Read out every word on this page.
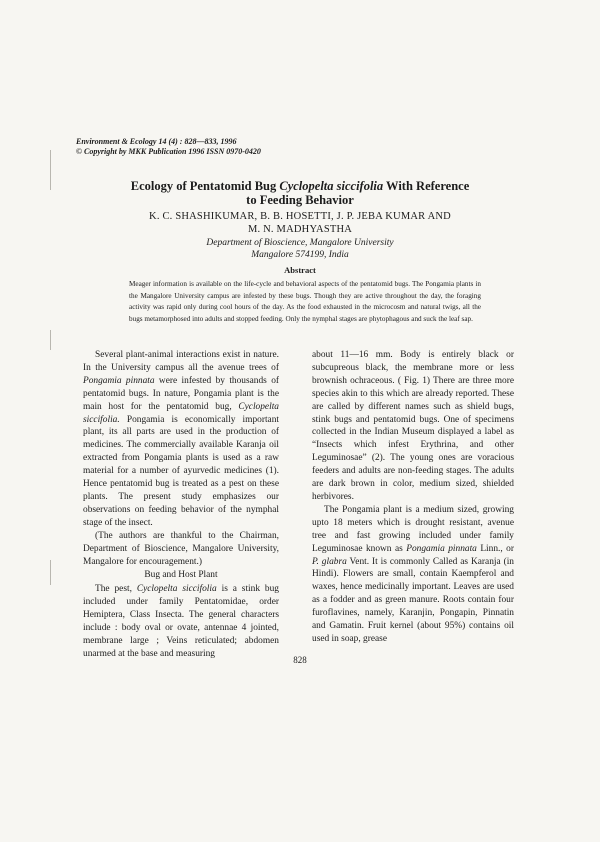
Environment & Ecology 14 (4) : 828—833, 1996
© Copyright by MKK Publication 1996 ISSN 0970-0420
Ecology of Pentatomid Bug Cyclopelta siccifolia With Reference
to Feeding Behavior
K. C. SHASHIKUMAR, B. B. HOSETTI, J. P. JEBA KUMAR AND
M. N. MADHYASTHA
Department of Bioscience, Mangalore University
Mangalore 574199, India
Abstract
Meager information is available on the life-cycle and behavioral aspects of the pentatomid bugs. The Pongamia plants in the Mangalore University campus are infested by these bugs. Though they are active throughout the day, the foraging activity was rapid only during cool hours of the day. As the food exhausted in the microcosm and natural twigs, all the bugs metamorphosed into adults and stopped feeding. Only the nymphal stages are phytophagous and suck the leaf sap.

Several plant-animal interactions exist in nature. In the University campus all the avenue trees of Pongamia pinnata were infested by thousands of pentatomid bugs. In nature, Pongamia plant is the main host for the pentatomid bug, Cyclopelta siccifolia. Pongamia is economically important plant, its all parts are used in the production of medicines. The commercially available Karanja oil extracted from Pongamia plants is used as a raw material for a number of ayurvedic medicines (1). Hence pentatomid bug is treated as a pest on these plants. The present study emphasizes our observations on feeding behavior of the nymphal stage of the insect.

(The authors are thankful to the Chairman, Department of Bioscience, Mangalore University, Mangalore for encouragement.)

Bug and Host Plant

The pest, Cyclopelta siccifolia is a stink bug included under family Pentatomidae, order Hemiptera, Class Insecta. The general characters include : body oval or ovate, antennae 4 jointed, membrane large ; Veins reticulated; abdomen unarmed at the base and measuring

about 11—16 mm. Body is entirely black or subcupreous black, the membrane more or less brownish ochraceous. ( Fig. 1) There are three more species akin to this which are already reported. These are called by different names such as shield bugs, stink bugs and pentatomid bugs. One of specimens collected in the Indian Museum displayed a label as “Insects which infest Erythrina, and other Leguminosae” (2). The young ones are voracious feeders and adults are non-feeding stages. The adults are dark brown in color, medium sized, shielded herbivores.

The Pongamia plant is a medium sized, growing upto 18 meters which is drought resistant, avenue tree and fast growing included under family Leguminosae known as Pongamia pinnata Linn., or P. glabra Vent. It is commonly Called as Karanja (in Hindi). Flowers are small, contain Kaempferol and waxes, hence medicinally important. Leaves are used as a fodder and as green manure. Roots contain four furoflavines, namely, Karanjin, Pongapin, Pinnatin and Gamatin. Fruit kernel (about 95%) contains oil used in soap, grease

828
